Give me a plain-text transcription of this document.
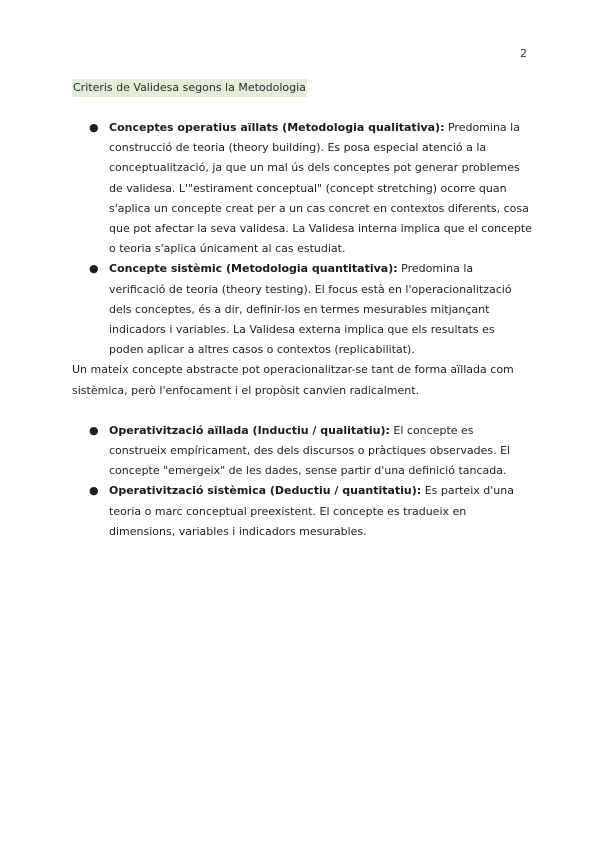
2
Criteris de Validesa segons la Metodologia
● Conceptes operatius aïllats (Metodologia qualitativa): Predomina la construcció de teoria (theory building). Es posa especial atenció a la conceptualització, ja que un mal ús dels conceptes pot generar problemes de validesa. L'"estirament conceptual" (concept stretching) ocorre quan s'aplica un concepte creat per a un cas concret en contextos diferents, cosa que pot afectar la seva validesa. La Validesa interna implica que el concepte o teoria s'aplica únicament al cas estudiat.
● Concepte sistèmic (Metodologia quantitativa): Predomina la verificació de teoria (theory testing). El focus està en l'operacionalització dels conceptes, és a dir, definir-los en termes mesurables mitjançant indicadors i variables. La Validesa externa implica que els resultats es poden aplicar a altres casos o contextos (replicabilitat).

Un mateix concepte abstracte pot operacionalitzar-se tant de forma aïllada com sistèmica, però l'enfocament i el propòsit canvien radicalment.

● Operativització aïllada (Inductiu / qualitatiu): El concepte es construeix empíricament, des dels discursos o pràctiques observades. El concepte "emergeix" de les dades, sense partir d'una definició tancada.
● Operativització sistèmica (Deductiu / quantitatiu): Es parteix d'una teoria o marc conceptual preexistent. El concepte es tradueix en dimensions, variables i indicadors mesurables.
